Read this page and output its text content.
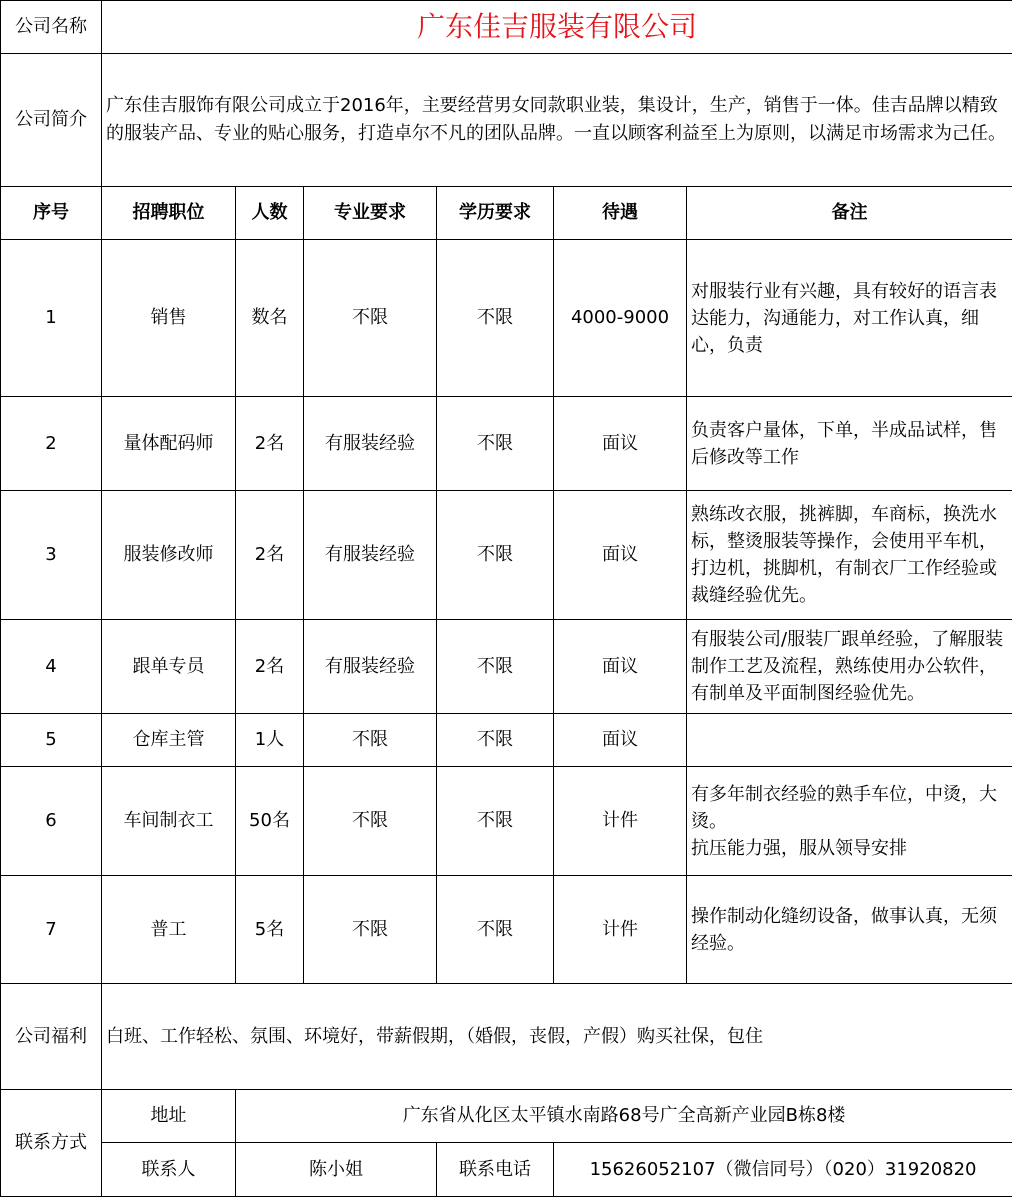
公司名称	广东佳吉服装有限公司					
公司简介	广东佳吉服饰有限公司成立于2016年，主要经营男女同款职业装，集设计，生产，销售于一体。佳吉品牌以精致的服装产品、专业的贴心服务，打造卓尔不凡的团队品牌。一直以顾客利益至上为原则，以满足市场需求为己任。					
序号	招聘职位	人数	专业要求	学历要求	待遇	备注
1	销售	数名	不限	不限	4000-9000	对服装行业有兴趣，具有较好的语言表达能力，沟通能力，对工作认真，细心，负责
2	量体配码师	2名	有服装经验	不限	面议	负责客户量体，下单，半成品试样，售后修改等工作
3	服装修改师	2名	有服装经验	不限	面议	熟练改衣服，挑裤脚，车商标，换洗水标，整烫服装等操作，会使用平车机，打边机，挑脚机，有制衣厂工作经验或裁缝经验优先。
4	跟单专员	2名	有服装经验	不限	面议	有服装公司/服装厂跟单经验，了解服装制作工艺及流程，熟练使用办公软件，有制单及平面制图经验优先。
5	仓库主管	1人	不限	不限	面议	
6	车间制衣工	50名	不限	不限	计件	有多年制衣经验的熟手车位，中烫，大烫。
抗压能力强，服从领导安排

7	普工	5名	不限	不限	计件	操作制动化缝纫设备，做事认真，无须经验。
公司福利	白班、工作轻松、氛围、环境好，带薪假期，（婚假，丧假，产假）购买社保，包住					
联系方式	地址	广东省从化区太平镇水南路68号广全高新产业园B栋8楼				
	联系人	陈小姐		联系电话	15626052107（微信同号）（020）31920820	
